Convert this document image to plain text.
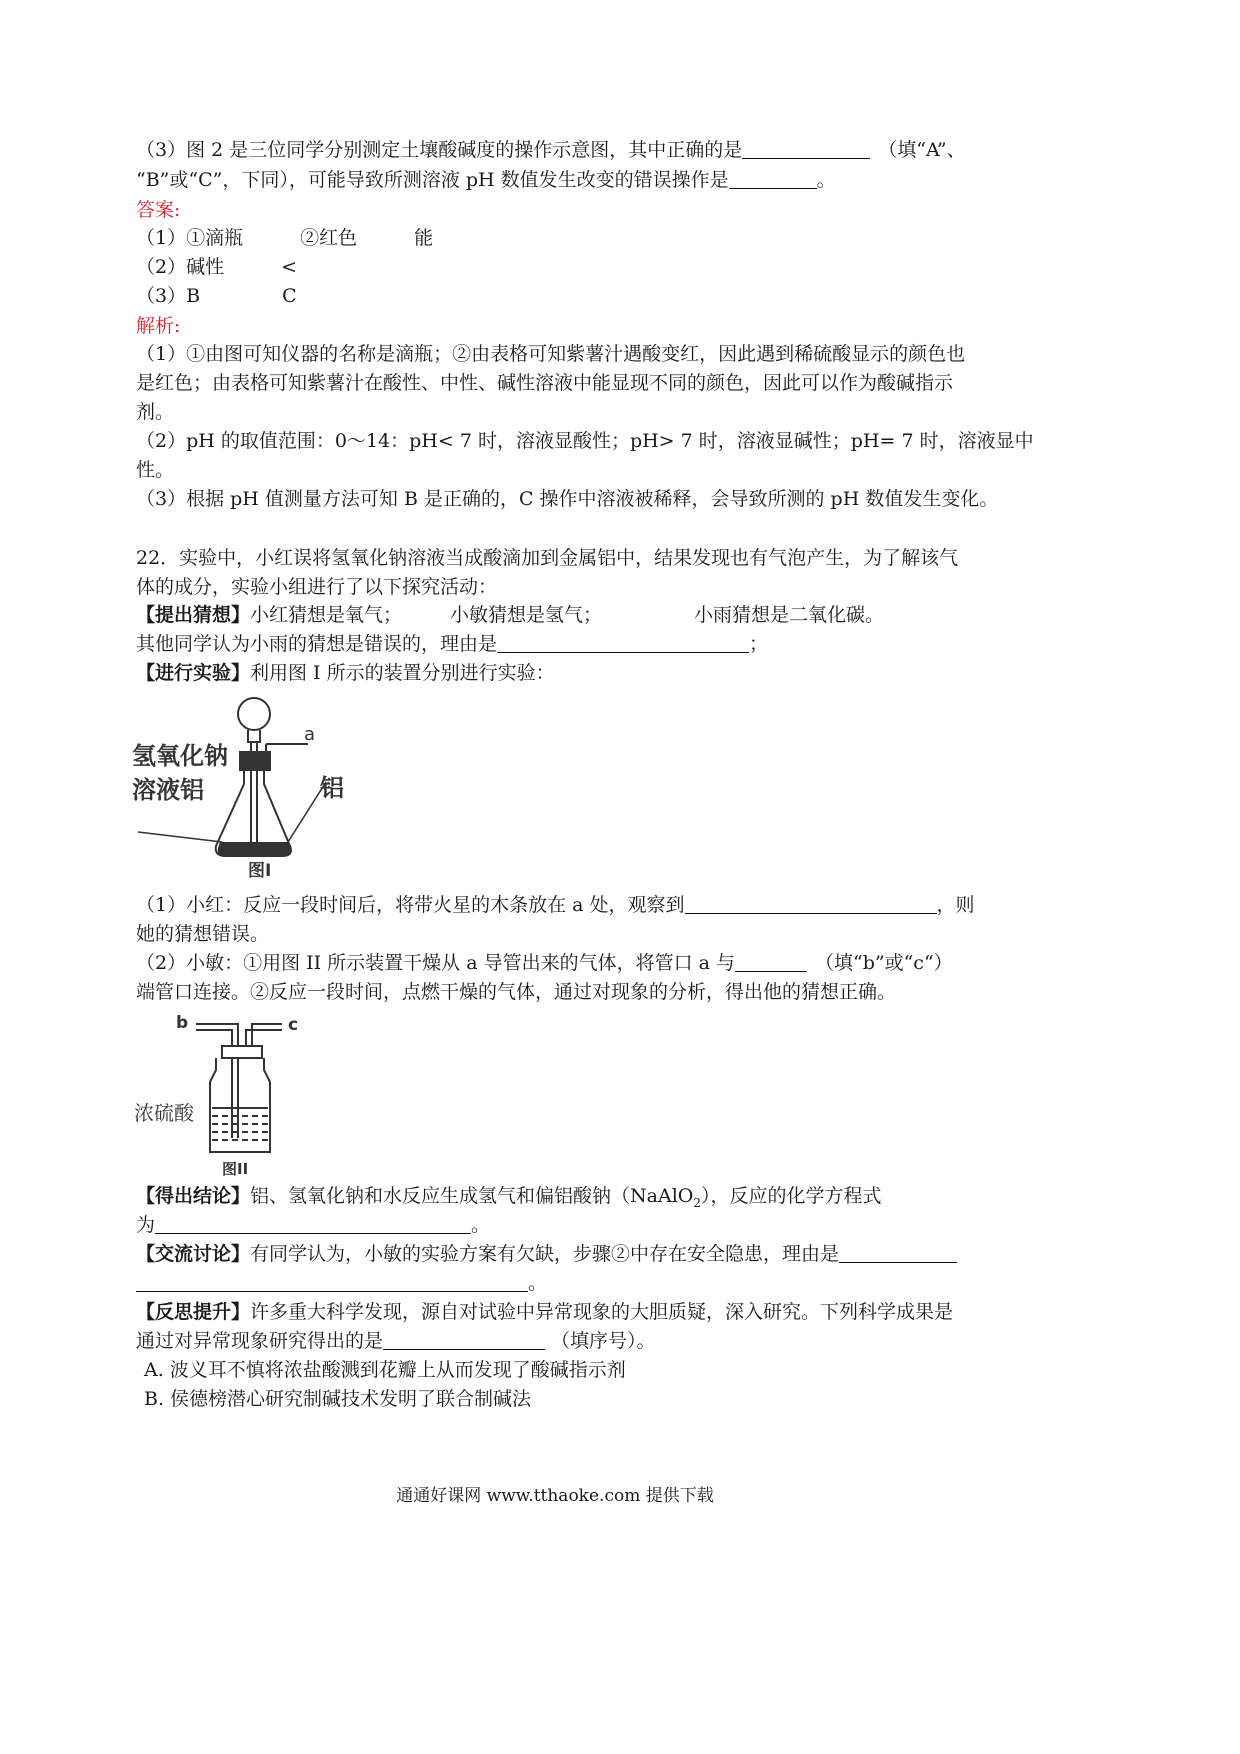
（3）图 2 是三位同学分别测定土壤酸碱度的操作示意图，其中正确的是	（填“A”、
“B”或“C”，下同），可能导致所测溶液 pH 数值发生改变的错误操作是	。
答案:
（1）①滴瓶　　　②红色　　　能
（2）碱性　　　<
（3）B　　　　 C
解析:
（1）①由图可知仪器的名称是滴瓶；②由表格可知紫薯汁遇酸变红，因此遇到稀硫酸显示的颜色也
是红色；由表格可知紫薯汁在酸性、中性、碱性溶液中能显现不同的颜色，因此可以作为酸碱指示
剂。
（2）pH 的取值范围：0～14：pH< 7 时，溶液显酸性；pH> 7 时，溶液显碱性；pH= 7 时，溶液显中
性。
（3）根据 pH 值测量方法可知 B 是正确的，C 操作中溶液被稀释，会导致所测的 pH 数值发生变化。
22．实验中，小红误将氢氧化钠溶液当成酸滴加到金属铝中，结果发现也有气泡产生，为了解该气
体的成分，实验小组进行了以下探究活动：
【提出猜想】小红猜想是氧气；	小敏猜想是氢气；	小雨猜想是二氧化碳。
其他同学认为小雨的猜想是错误的，理由是	；
【进行实验】利用图 I 所示的装置分别进行实验：
a
氢氧化钠
溶液铝	铝
图I
（1）小红：反应一段时间后，将带火星的木条放在 a 处，观察到	，则
她的猜想错误。
（2）小敏：①用图 II 所示装置干燥从 a 导管出来的气体，将管口 a 与	（填“b”或“c“）
端管口连接。②反应一段时间，点燃干燥的气体，通过对现象的分析，得出他的猜想正确。
b	c
浓硫酸
图II
【得出结论】铝、氢氧化钠和水反应生成氢气和偏铝酸钠（NaAlO$_2$），反应的化学方程式
为	。
【交流讨论】有同学认为，小敏的实验方案有欠缺，步骤②中存在安全隐患，理由是
。
【反思提升】许多重大科学发现，源自对试验中异常现象的大胆质疑，深入研究。下列科学成果是
通过对异常现象研究得出的是	（填序号）。
A. 波义耳不慎将浓盐酸溅到花瓣上从而发现了酸碱指示剂
B. 侯德榜潜心研究制碱技术发明了联合制碱法
通通好课网 www.tthaoke.com 提供下载
